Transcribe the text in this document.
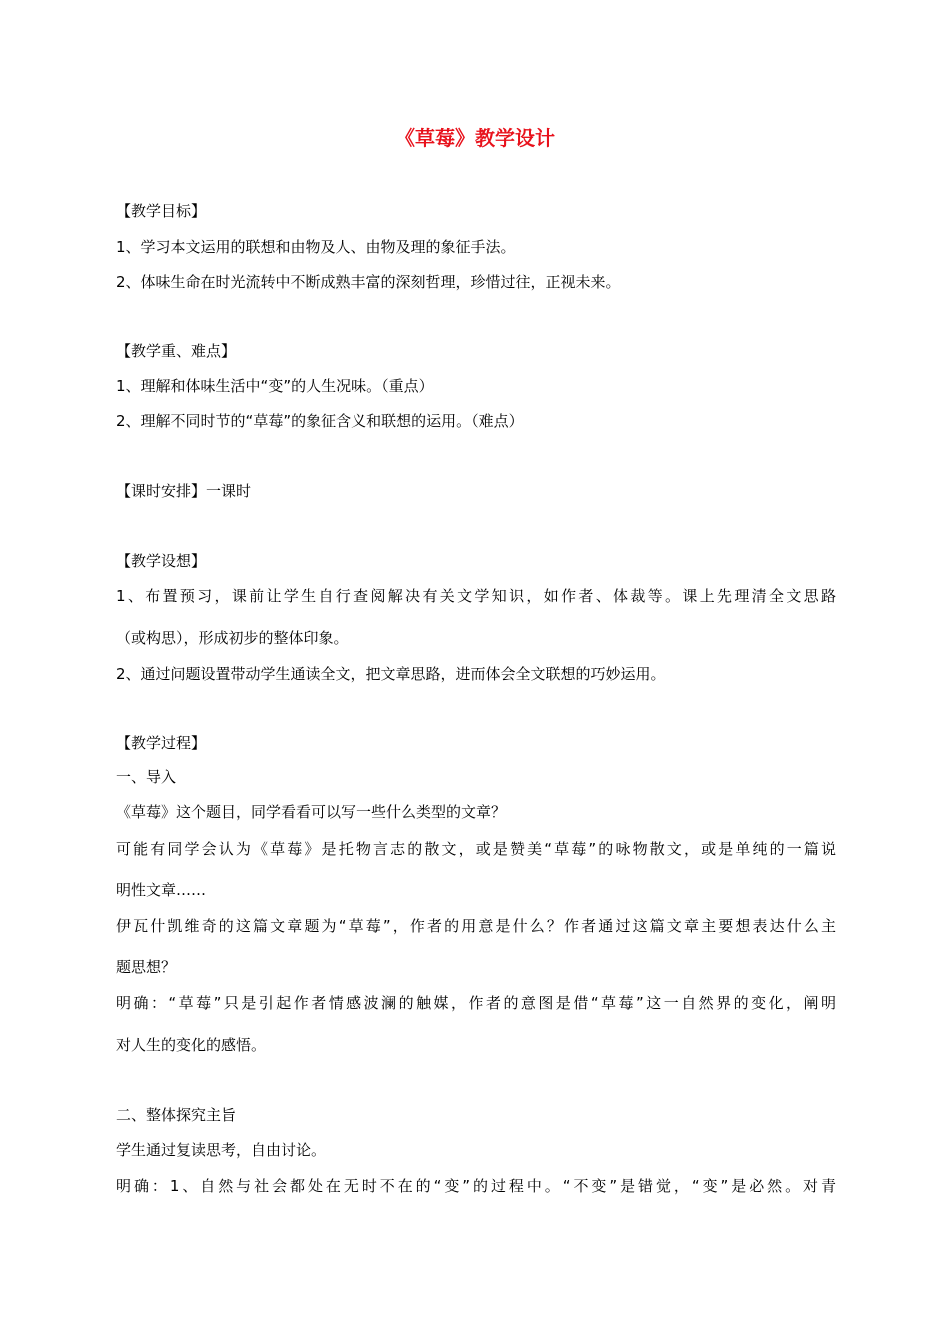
《草莓》教学设计
【教学目标】
1、学习本文运用的联想和由物及人、由物及理的象征手法。
2、体味生命在时光流转中不断成熟丰富的深刻哲理，珍惜过往，正视未来。
【教学重、难点】
1、理解和体味生活中“变”的人生况味。（重点）
2、理解不同时节的“草莓”的象征含义和联想的运用。（难点）
【课时安排】一课时
【教学设想】
1、布置预习，课前让学生自行查阅解决有关文学知识，如作者、体裁等。课上先理清全文思路
（或构思），形成初步的整体印象。
2、通过问题设置带动学生通读全文，把文章思路，进而体会全文联想的巧妙运用。
【教学过程】
一、导入
《草莓》这个题目，同学看看可以写一些什么类型的文章？
可能有同学会认为《草莓》是托物言志的散文，或是赞美“草莓”的咏物散文，或是单纯的一篇说
明性文章……
伊瓦什凯维奇的这篇文章题为“草莓”，作者的用意是什么？作者通过这篇文章主要想表达什么主
题思想？
明确：“草莓”只是引起作者情感波澜的触媒，作者的意图是借“草莓”这一自然界的变化，阐明
对人生的变化的感悟。
二、整体探究主旨
学生通过复读思考，自由讨论。
明确：1、自然与社会都处在无时不在的“变”的过程中。“不变”是错觉，“变”是必然。对青
